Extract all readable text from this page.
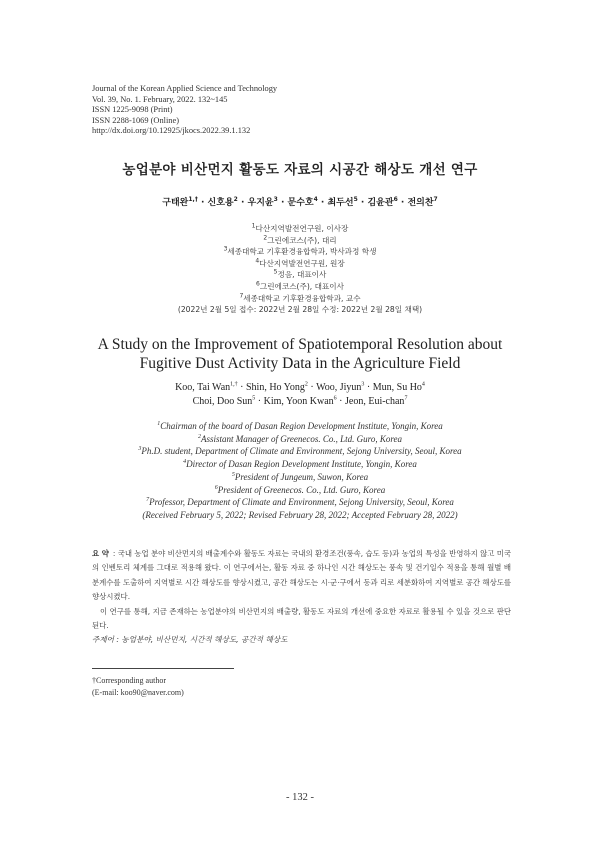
Journal of the Korean Applied Science and Technology
Vol. 39, No. 1. February, 2022. 132~145
ISSN 1225-9098 (Print)
ISSN 2288-1069 (Online)
http://dx.doi.org/10.12925/jkocs.2022.39.1.132
농업분야 비산먼지 활동도 자료의 시공간 해상도 개선 연구
구태완$^{1,\dagger}$ · 신호용$^2$ · 우지윤$^3$ · 문수호$^4$ · 최두선$^5$ · 김윤관$^6$ · 전의찬$^7$
$^1$다산지역발전연구원, 이사장
$^2$그린에코스(주), 대리
$^3$세종대학교 기후환경융합학과, 박사과정 학생
$^4$다산지역발전연구원, 원장
$^5$정음, 대표이사
$^6$그린에코스(주), 대표이사
$^7$세종대학교 기후환경융합학과, 교수
(2022년 2월 5일 접수: 2022년 2월 28일 수정: 2022년 2월 28일 채택)
A Study on the Improvement of Spatiotemporal Resolution about
Fugitive Dust Activity Data in the Agriculture Field
Koo, Tai Wan$^{1,\dagger}$ · Shin, Ho Yong$^2$ · Woo, Jiyun$^3$ · Mun, Su Ho$^4$
Choi, Doo Sun$^5$ · Kim, Yoon Kwan$^6$ · Jeon, Eui-chan$^7$
$^1$Chairman of the board of Dasan Region Development Institute, Yongin, Korea
$^2$Assistant Manager of Greenecos. Co., Ltd. Guro, Korea
$^3$Ph.D. student, Department of Climate and Environment, Sejong University, Seoul, Korea
$^4$Director of Dasan Region Development Institute, Yongin, Korea
$^5$President of Jungeum, Suwon, Korea
$^6$President of Greenecos. Co., Ltd. Guro, Korea
$^7$Professor, Department of Climate and Environment, Sejong University, Seoul, Korea
(Received February 5, 2022; Revised February 28, 2022; Accepted February 28, 2022)

요 약 : 국내 농업 분야 비산먼지의 배출계수와 활동도 자료는 국내의 환경조건(풍속, 습도 등)과 농업의 특성을 반영하지 않고 미국의 인벤토리 체계를 그대로 적용해 왔다. 이 연구에서는, 활동 자료 중 하나인 시간 해상도는 풍속 및 건기일수 적용을 통해 월별 배분계수를 도출하여 지역별로 시간 해상도를 향상시켰고, 공간 해상도는 시·군·구에서 동과 리로 세분화하여 지역별로 공간 해상도를 향상시켰다.

이 연구를 통해, 지금 존재하는 농업분야의 비산먼지의 배출량, 활동도 자료의 개선에 중요한 자료로 활용될 수 있을 것으로 판단된다.

주제어 : 농업분야, 비산먼지, 시간적 해상도, 공간적 해상도
†Corresponding author
(E-mail: koo90@naver.com)
- 132 -
